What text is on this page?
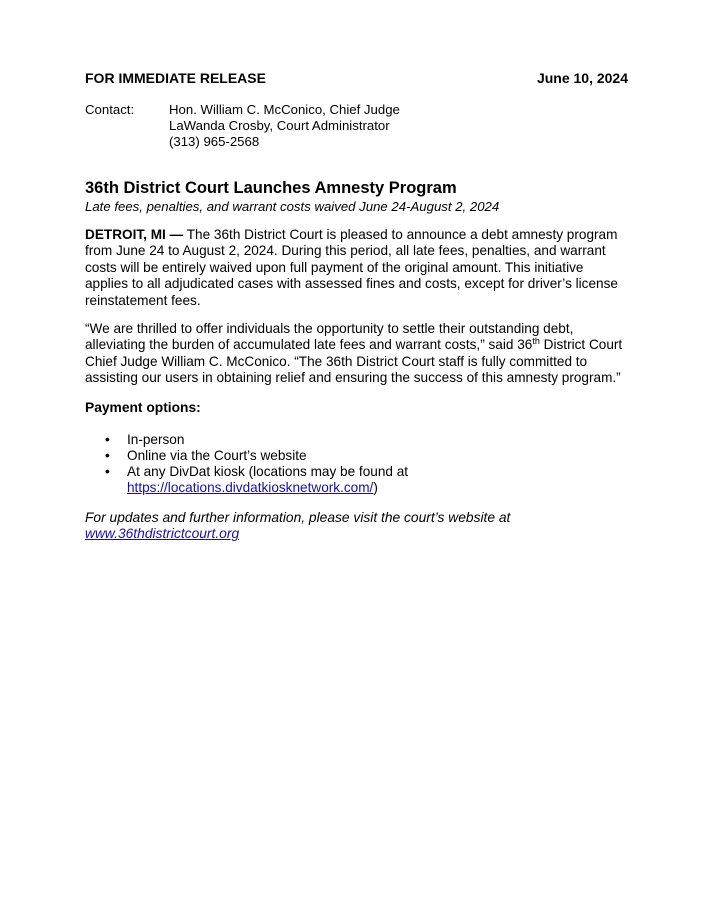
FOR IMMEDIATE RELEASE	June 10, 2024
Contact:	Hon. William C. McConico, Chief Judge
LaWanda Crosby, Court Administrator
(313) 965-2568
36th District Court Launches Amnesty Program
Late fees, penalties, and warrant costs waived June 24-August 2, 2024

DETROIT, MI — The 36th District Court is pleased to announce a debt amnesty program from June 24 to August 2, 2024. During this period, all late fees, penalties, and warrant costs will be entirely waived upon full payment of the original amount. This initiative applies to all adjudicated cases with assessed fines and costs, except for driver’s license reinstatement fees.

“We are thrilled to offer individuals the opportunity to settle their outstanding debt, alleviating the burden of accumulated late fees and warrant costs,” said 36th District Court Chief Judge William C. McConico. “The 36th District Court staff is fully committed to assisting our users in obtaining relief and ensuring the success of this amnesty program.”

Payment options:
• In-person
• Online via the Court’s website
• At any DivDat kiosk (locations may be found at https://locations.divdatkiosknetwork.com/)
For updates and further information, please visit the court’s website at
www.36thdistrictcourt.org
